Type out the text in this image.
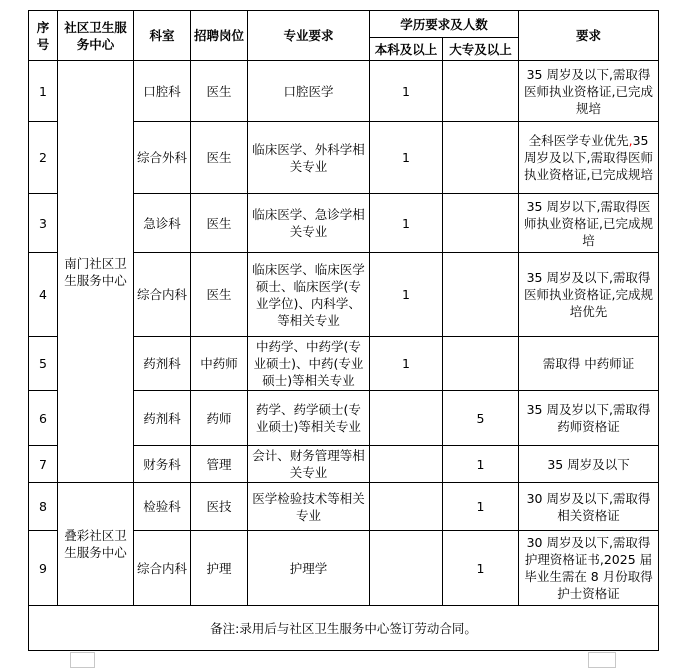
序号	社区卫生服务中心	科室	招聘岗位	专业要求	学历要求及人数		要求
					本科及以上	大专及以上	
1	南门社区卫生服务中心	口腔科	医生	口腔医学	1		35 周岁及以下,需取得医师执业资格证,已完成规培
2		综合外科	医生	临床医学、外科学相关专业	1		全科医学专业优先,35 周岁及以下,需取得医师执业资格证,已完成规培
3		急诊科	医生	临床医学、急诊学相关专业	1		35 周岁以下,需取得医师执业资格证,已完成规培
4		综合内科	医生	临床医学、临床医学硕士、临床医学(专业学位)、内科学、等相关专业	1		35 周岁及以下,需取得医师执业资格证,完成规培优先
5		药剂科	中药师	中药学、中药学(专业硕士)、中药(专业硕士)等相关专业	1		需取得 中药师证
6		药剂科	药师	药学、药学硕士(专业硕士)等相关专业		5	35 周及岁以下,需取得药师资格证
7		财务科	管理	会计、财务管理等相关专业		1	35 周岁及以下
8	叠彩社区卫生服务中心	检验科	医技	医学检验技术等相关专业		1	30 周岁及以下,需取得相关资格证
9		综合内科	护理	护理学		1	30 周岁及以下,需取得护理资格证书,2025 届毕业生需在 8 月份取得护士资格证
备注:录用后与社区卫生服务中心签订劳动合同。							
